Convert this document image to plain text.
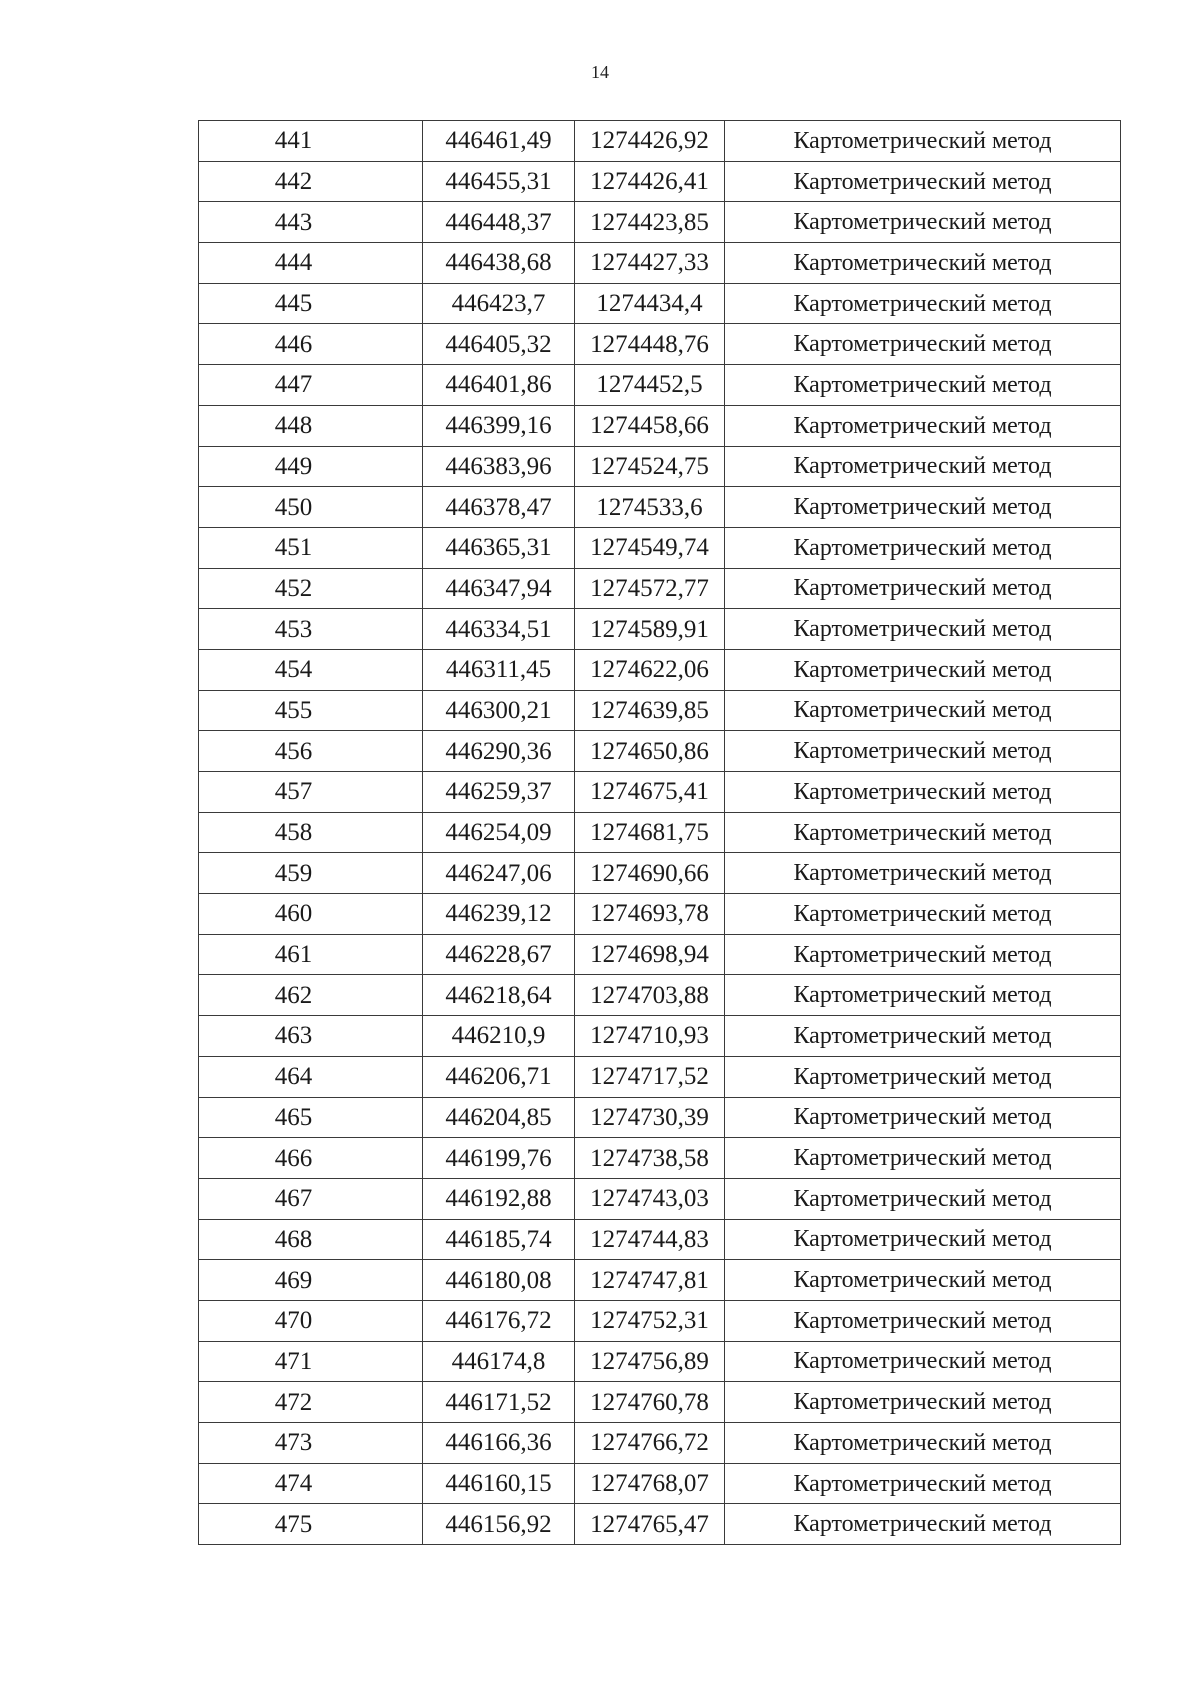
14
441	446461,49	1274426,92	Картометрический метод
442	446455,31	1274426,41	Картометрический метод
443	446448,37	1274423,85	Картометрический метод
444	446438,68	1274427,33	Картометрический метод
445	446423,7	1274434,4	Картометрический метод
446	446405,32	1274448,76	Картометрический метод
447	446401,86	1274452,5	Картометрический метод
448	446399,16	1274458,66	Картометрический метод
449	446383,96	1274524,75	Картометрический метод
450	446378,47	1274533,6	Картометрический метод
451	446365,31	1274549,74	Картометрический метод
452	446347,94	1274572,77	Картометрический метод
453	446334,51	1274589,91	Картометрический метод
454	446311,45	1274622,06	Картометрический метод
455	446300,21	1274639,85	Картометрический метод
456	446290,36	1274650,86	Картометрический метод
457	446259,37	1274675,41	Картометрический метод
458	446254,09	1274681,75	Картометрический метод
459	446247,06	1274690,66	Картометрический метод
460	446239,12	1274693,78	Картометрический метод
461	446228,67	1274698,94	Картометрический метод
462	446218,64	1274703,88	Картометрический метод
463	446210,9	1274710,93	Картометрический метод
464	446206,71	1274717,52	Картометрический метод
465	446204,85	1274730,39	Картометрический метод
466	446199,76	1274738,58	Картометрический метод
467	446192,88	1274743,03	Картометрический метод
468	446185,74	1274744,83	Картометрический метод
469	446180,08	1274747,81	Картометрический метод
470	446176,72	1274752,31	Картометрический метод
471	446174,8	1274756,89	Картометрический метод
472	446171,52	1274760,78	Картометрический метод
473	446166,36	1274766,72	Картометрический метод
474	446160,15	1274768,07	Картометрический метод
475	446156,92	1274765,47	Картометрический метод
